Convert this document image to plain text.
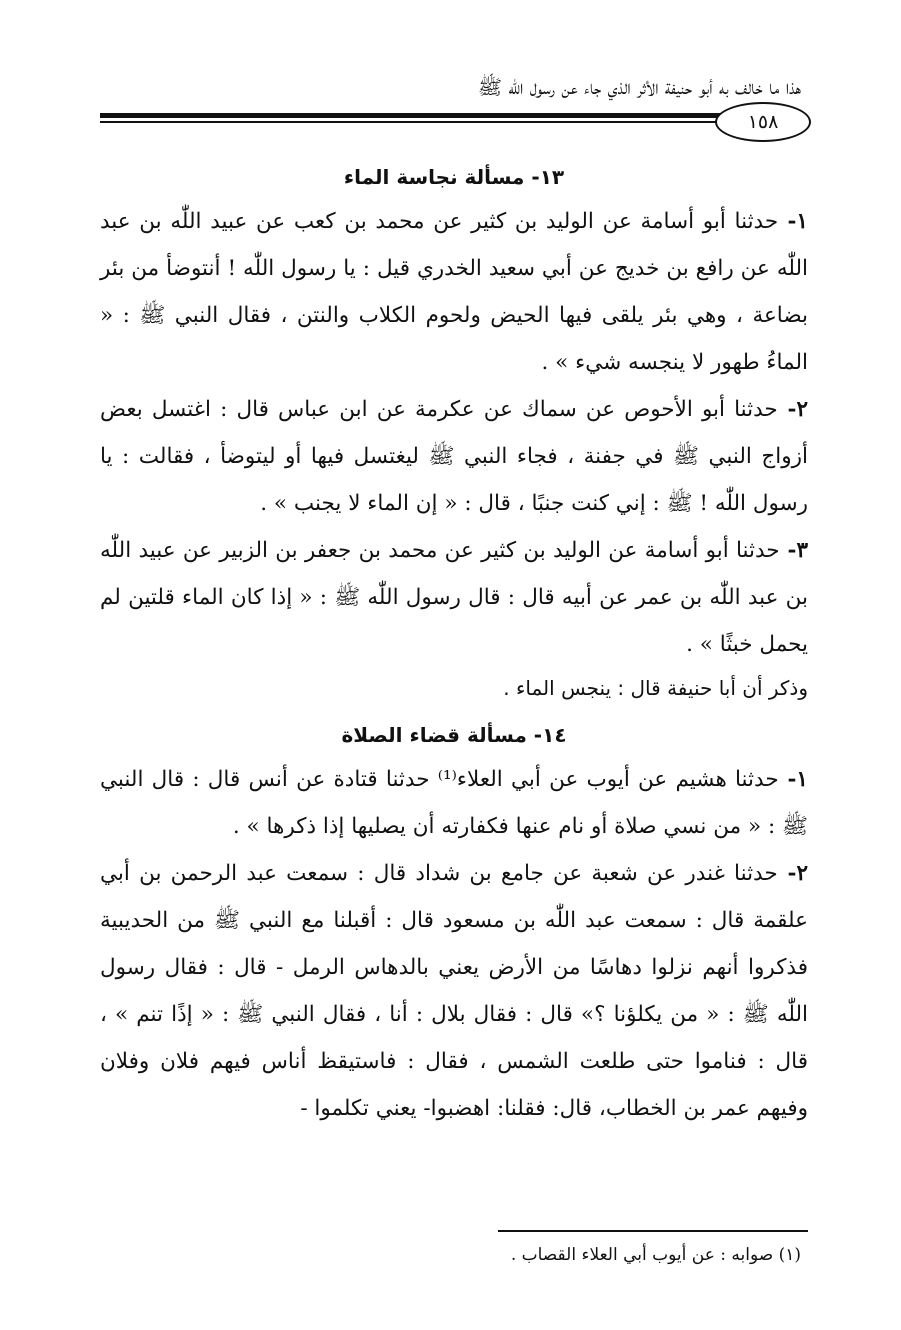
هذا ما خالف به أبو حنيفة الأثر الذي جاء عن رسول اللّٰه ﷺ
١٥٨
١٣- مسألة نجاسة الماء

١- حدثنا أبو أسامة عن الوليد بن كثير عن محمد بن كعب عن عبيد اللّٰه بن عبد اللّٰه عن رافع بن خديج عن أبي سعيد الخدري قيل : يا رسول اللّٰه ! أنتوضأ من بئر بضاعة ، وهي بئر يلقى فيها الحيض ولحوم الكلاب والنتن ، فقال النبي ﷺ : « الماءُ طهور لا ينجسه شيء » .

٢- حدثنا أبو الأحوص عن سماك عن عكرمة عن ابن عباس قال : اغتسل بعض أزواج النبي ﷺ في جفنة ، فجاء النبي ﷺ ليغتسل فيها أو ليتوضأ ، فقالت : يا رسول اللّٰه ! ﷺ : إني كنت جنبًا ، قال : « إن الماء لا يجنب » .

٣- حدثنا أبو أسامة عن الوليد بن كثير عن محمد بن جعفر بن الزبير عن عبيد اللّٰه بن عبد اللّٰه بن عمر عن أبيه قال : قال رسول اللّٰه ﷺ : « إذا كان الماء قلتين لم يحمل خبثًا » .

وذكر أن أبا حنيفة قال : ينجس الماء .

١٤- مسألة قضاء الصلاة

١- حدثنا هشيم عن أيوب عن أبي العلاء⁽¹⁾ حدثنا قتادة عن أنس قال : قال النبي ﷺ : « من نسي صلاة أو نام عنها فكفارته أن يصليها إذا ذكرها » .

٢- حدثنا غندر عن شعبة عن جامع بن شداد قال : سمعت عبد الرحمن بن أبي علقمة قال : سمعت عبد اللّٰه بن مسعود قال : أقبلنا مع النبي ﷺ من الحديبية فذكروا أنهم نزلوا دهاسًا من الأرض يعني بالدهاس الرمل - قال : فقال رسول اللّٰه ﷺ : « من يكلؤنا ؟» قال : فقال بلال : أنا ، فقال النبي ﷺ : « إذًا تنم » ، قال : فناموا حتى طلعت الشمس ، فقال : فاستيقظ أناس فيهم فلان وفلان وفيهم عمر بن الخطاب، قال: فقلنا: اهضبوا- يعني تكلموا -

(١) صوابه : عن أيوب أبي العلاء القصاب .
